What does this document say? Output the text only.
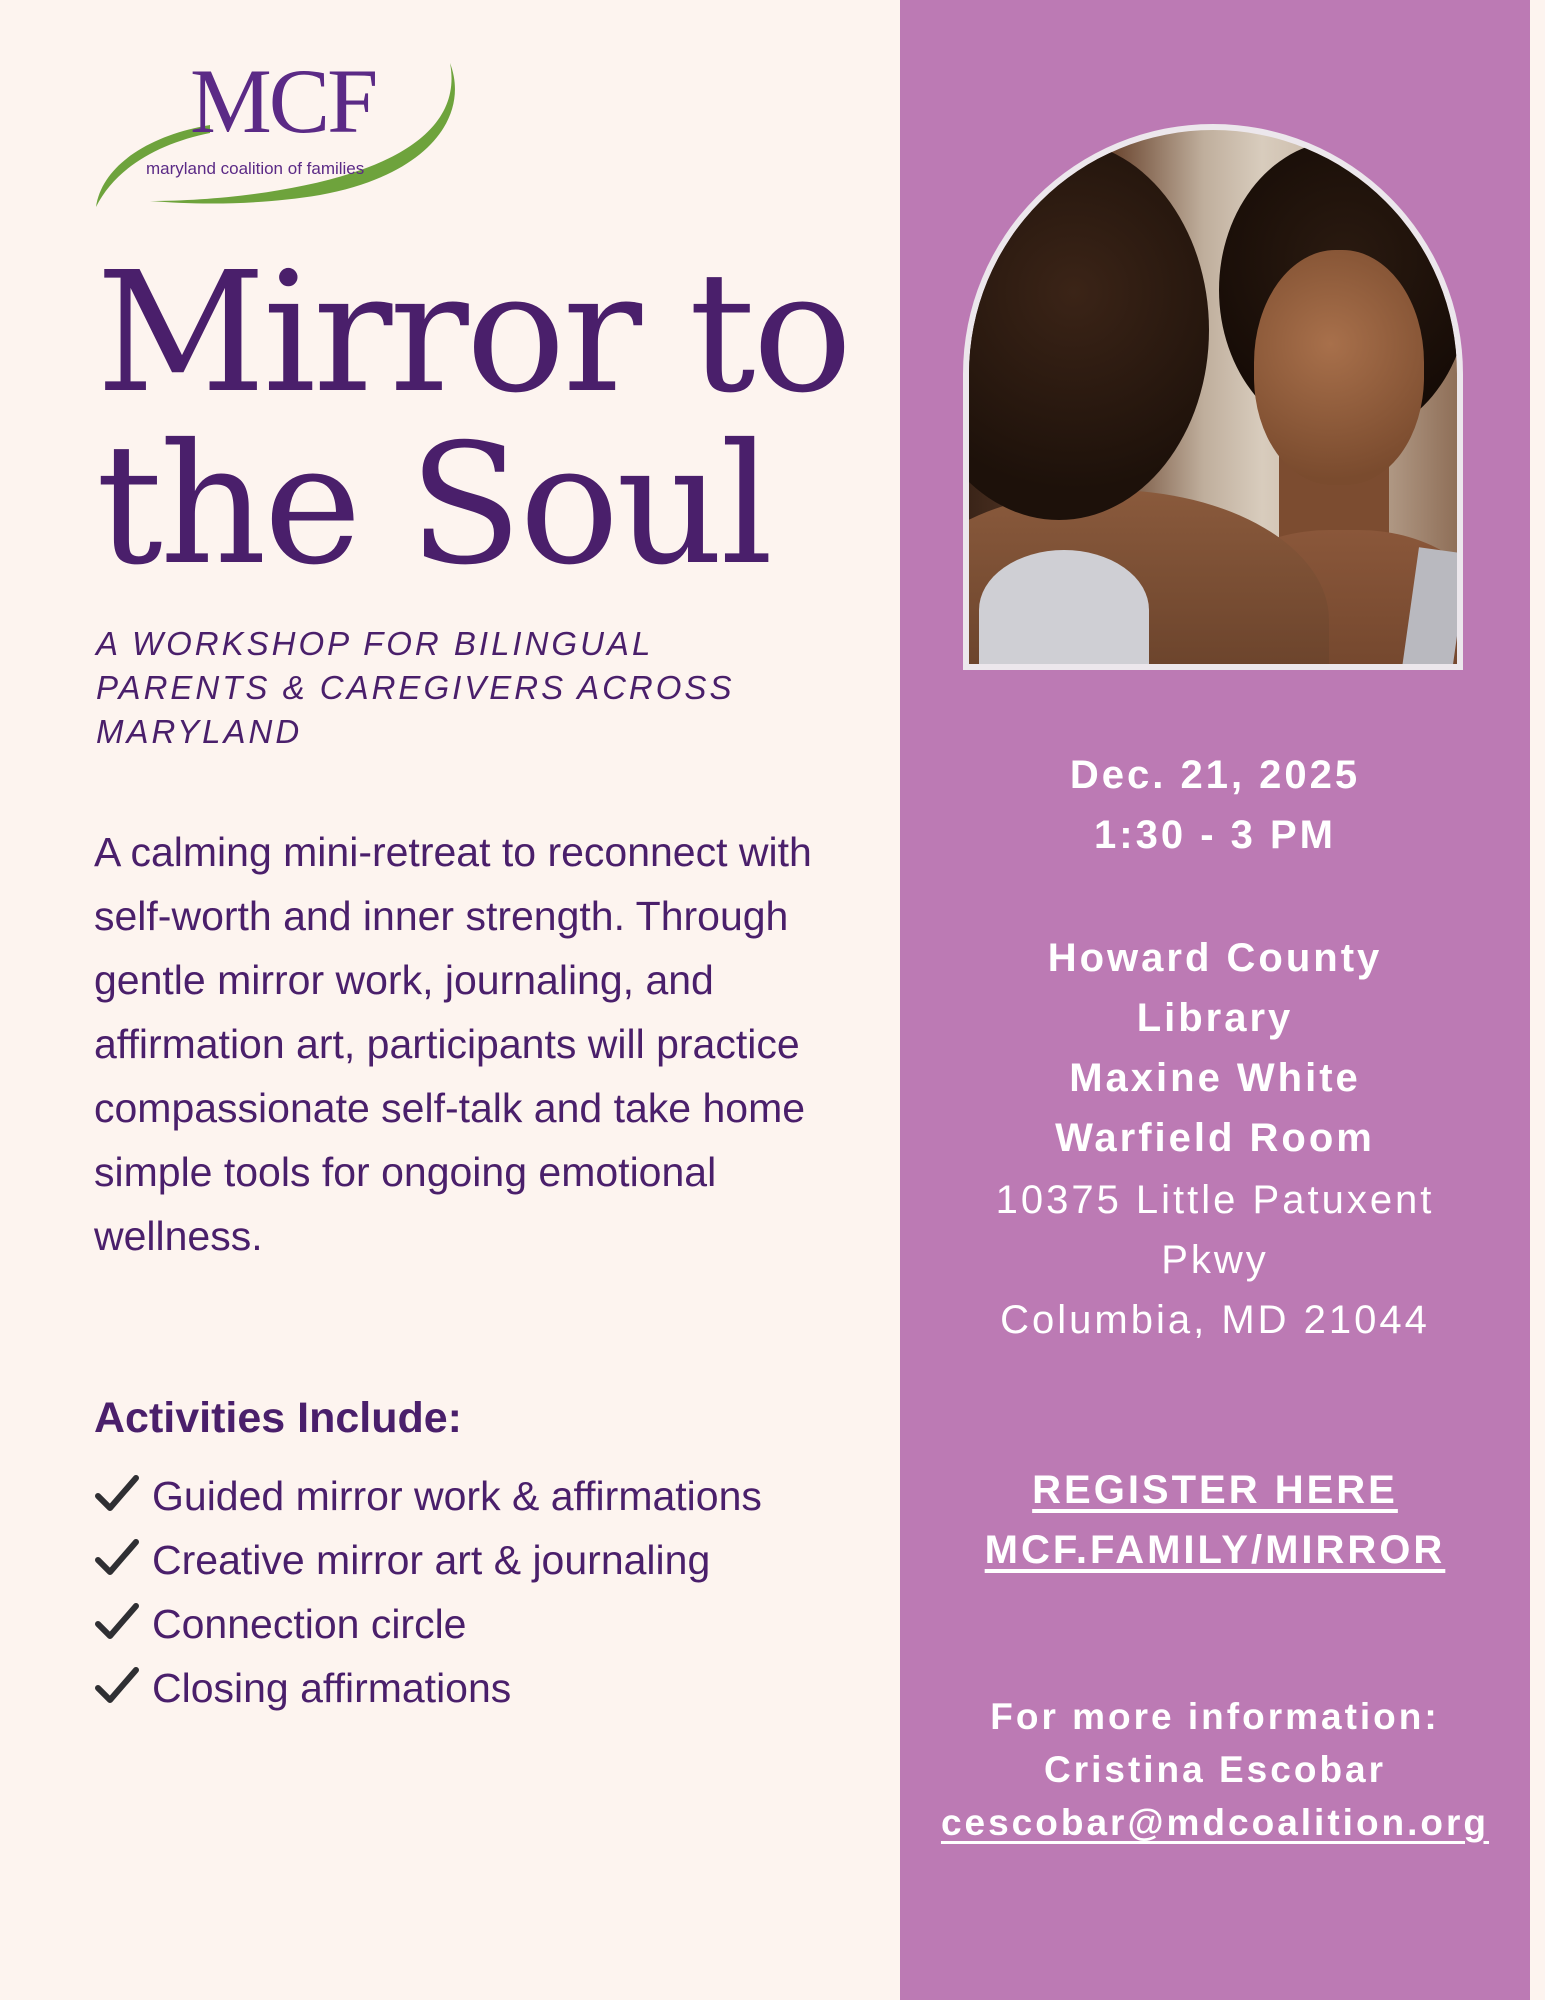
MCF
maryland coalition of families
Mirror to
the Soul
A WORKSHOP FOR BILINGUAL PARENTS & CAREGIVERS ACROSS MARYLAND
A calming mini-retreat to reconnect with self-worth and inner strength. Through gentle mirror work, journaling, and affirmation art, participants will practice compassionate self-talk and take home simple tools for ongoing emotional wellness.
Activities Include:
Guided mirror work & affirmations
Creative mirror art & journaling
Connection circle
Closing affirmations
Dec. 21, 2025
1:30 - 3 PM
Howard County
Library
Maxine White
Warfield Room
10375 Little Patuxent
Pkwy
Columbia, MD 21044
REGISTER HERE
MCF.FAMILY/MIRROR
For more information:
Cristina Escobar
cescobar@mdcoalition.org
